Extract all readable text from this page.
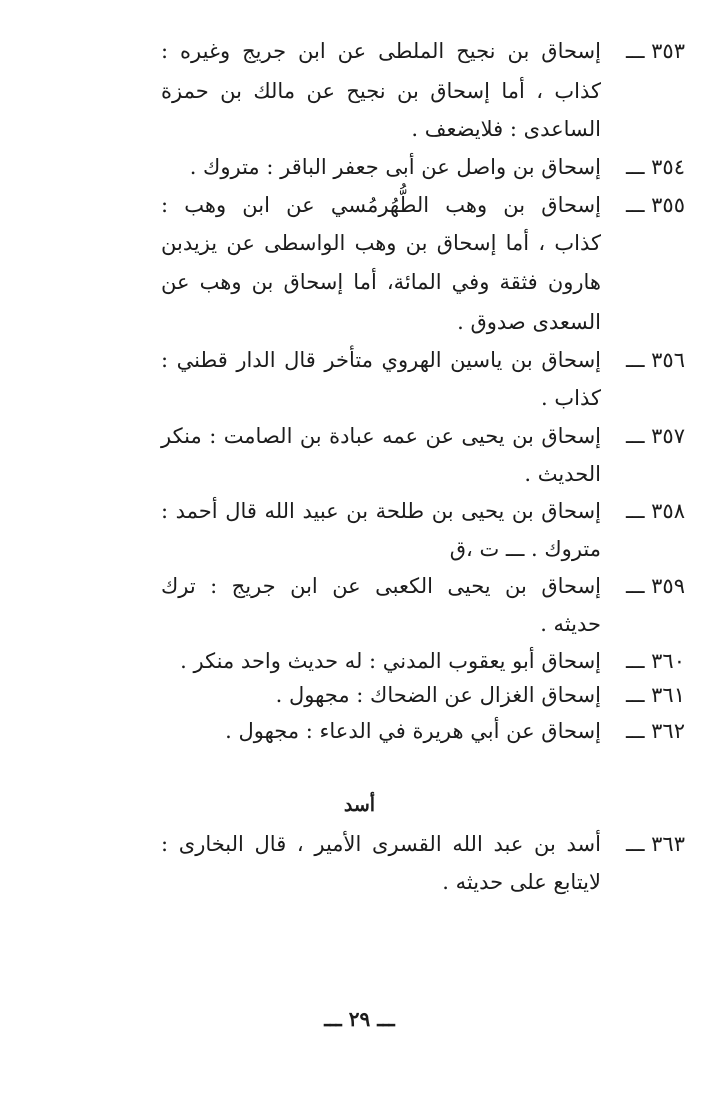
٣٥٣ ـــ
إسحاق بن نجيح الملطى عن ابن جريج وغيره :
كذاب ، أما إسحاق بن نجيح عن مالك بن حمزة
الساعدى : فلايضعف .
٣٥٤ ـــ
إسحاق بن واصل عن أبى جعفر الباقر : متروك .
٣٥٥ ـــ
إسحاق بن وهب الطُّهُرمُسي عن ابن وهب :
كذاب ، أما إسحاق بن وهب الواسطى عن يزيدبن
هارون فثقة وفي المائة، أما إسحاق بن وهب عن
السعدى صدوق .
٣٥٦ ـــ
إسحاق بن ياسين الهروي متأخر قال الدار قطني :
كذاب .
٣٥٧ ـــ
إسحاق بن يحيى عن عمه عبادة بن الصامت : منكر
الحديث .
٣٥٨ ـــ
إسحاق بن يحيى بن طلحة بن عبيد الله قال أحمد :
متروك . ـــ ت ،ق
٣٥٩ ـــ
إسحاق بن يحيى الكعبى عن ابن جريج : ترك
حديثه .
٣٦٠ ـــ
إسحاق أبو يعقوب المدني : له حديث واحد منكر .
٣٦١ ـــ
إسحاق الغزال عن الضحاك : مجهول .
٣٦٢ ـــ
إسحاق عن أبي هريرة في الدعاء : مجهول .
أسد
٣٦٣ ـــ
أسد بن عبد الله القسرى الأمير ، قال البخارى :
لايتابع على حديثه .
ـــ ٢٩ ـــ
